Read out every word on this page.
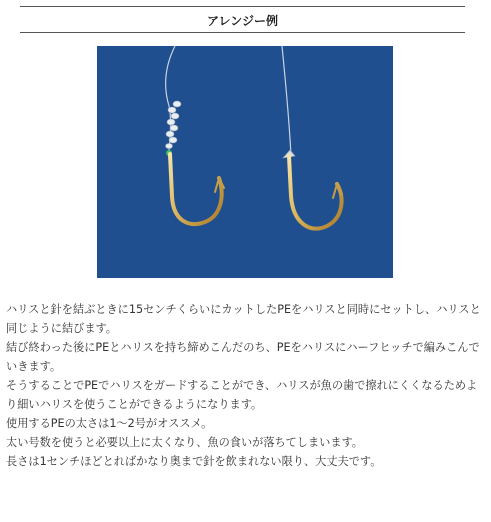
アレンジー例

ハリスと針を結ぶときに15センチくらいにカットしたPEをハリスと同時にセットし、ハリスと同じように結びます。

結び終わった後にPEとハリスを持ち締めこんだのち、PEをハリスにハーフヒッチで編みこんでいきます。

そうすることでPEでハリスをガードすることができ、ハリスが魚の歯で擦れにくくなるためより細いハリスを使うことができるようになります。

使用するPEの太さは1～2号がオススメ。

太い号数を使うと必要以上に太くなり、魚の食いが落ちてしまいます。

長さは1センチほどとればかなり奥まで針を飲まれない限り、大丈夫です。
